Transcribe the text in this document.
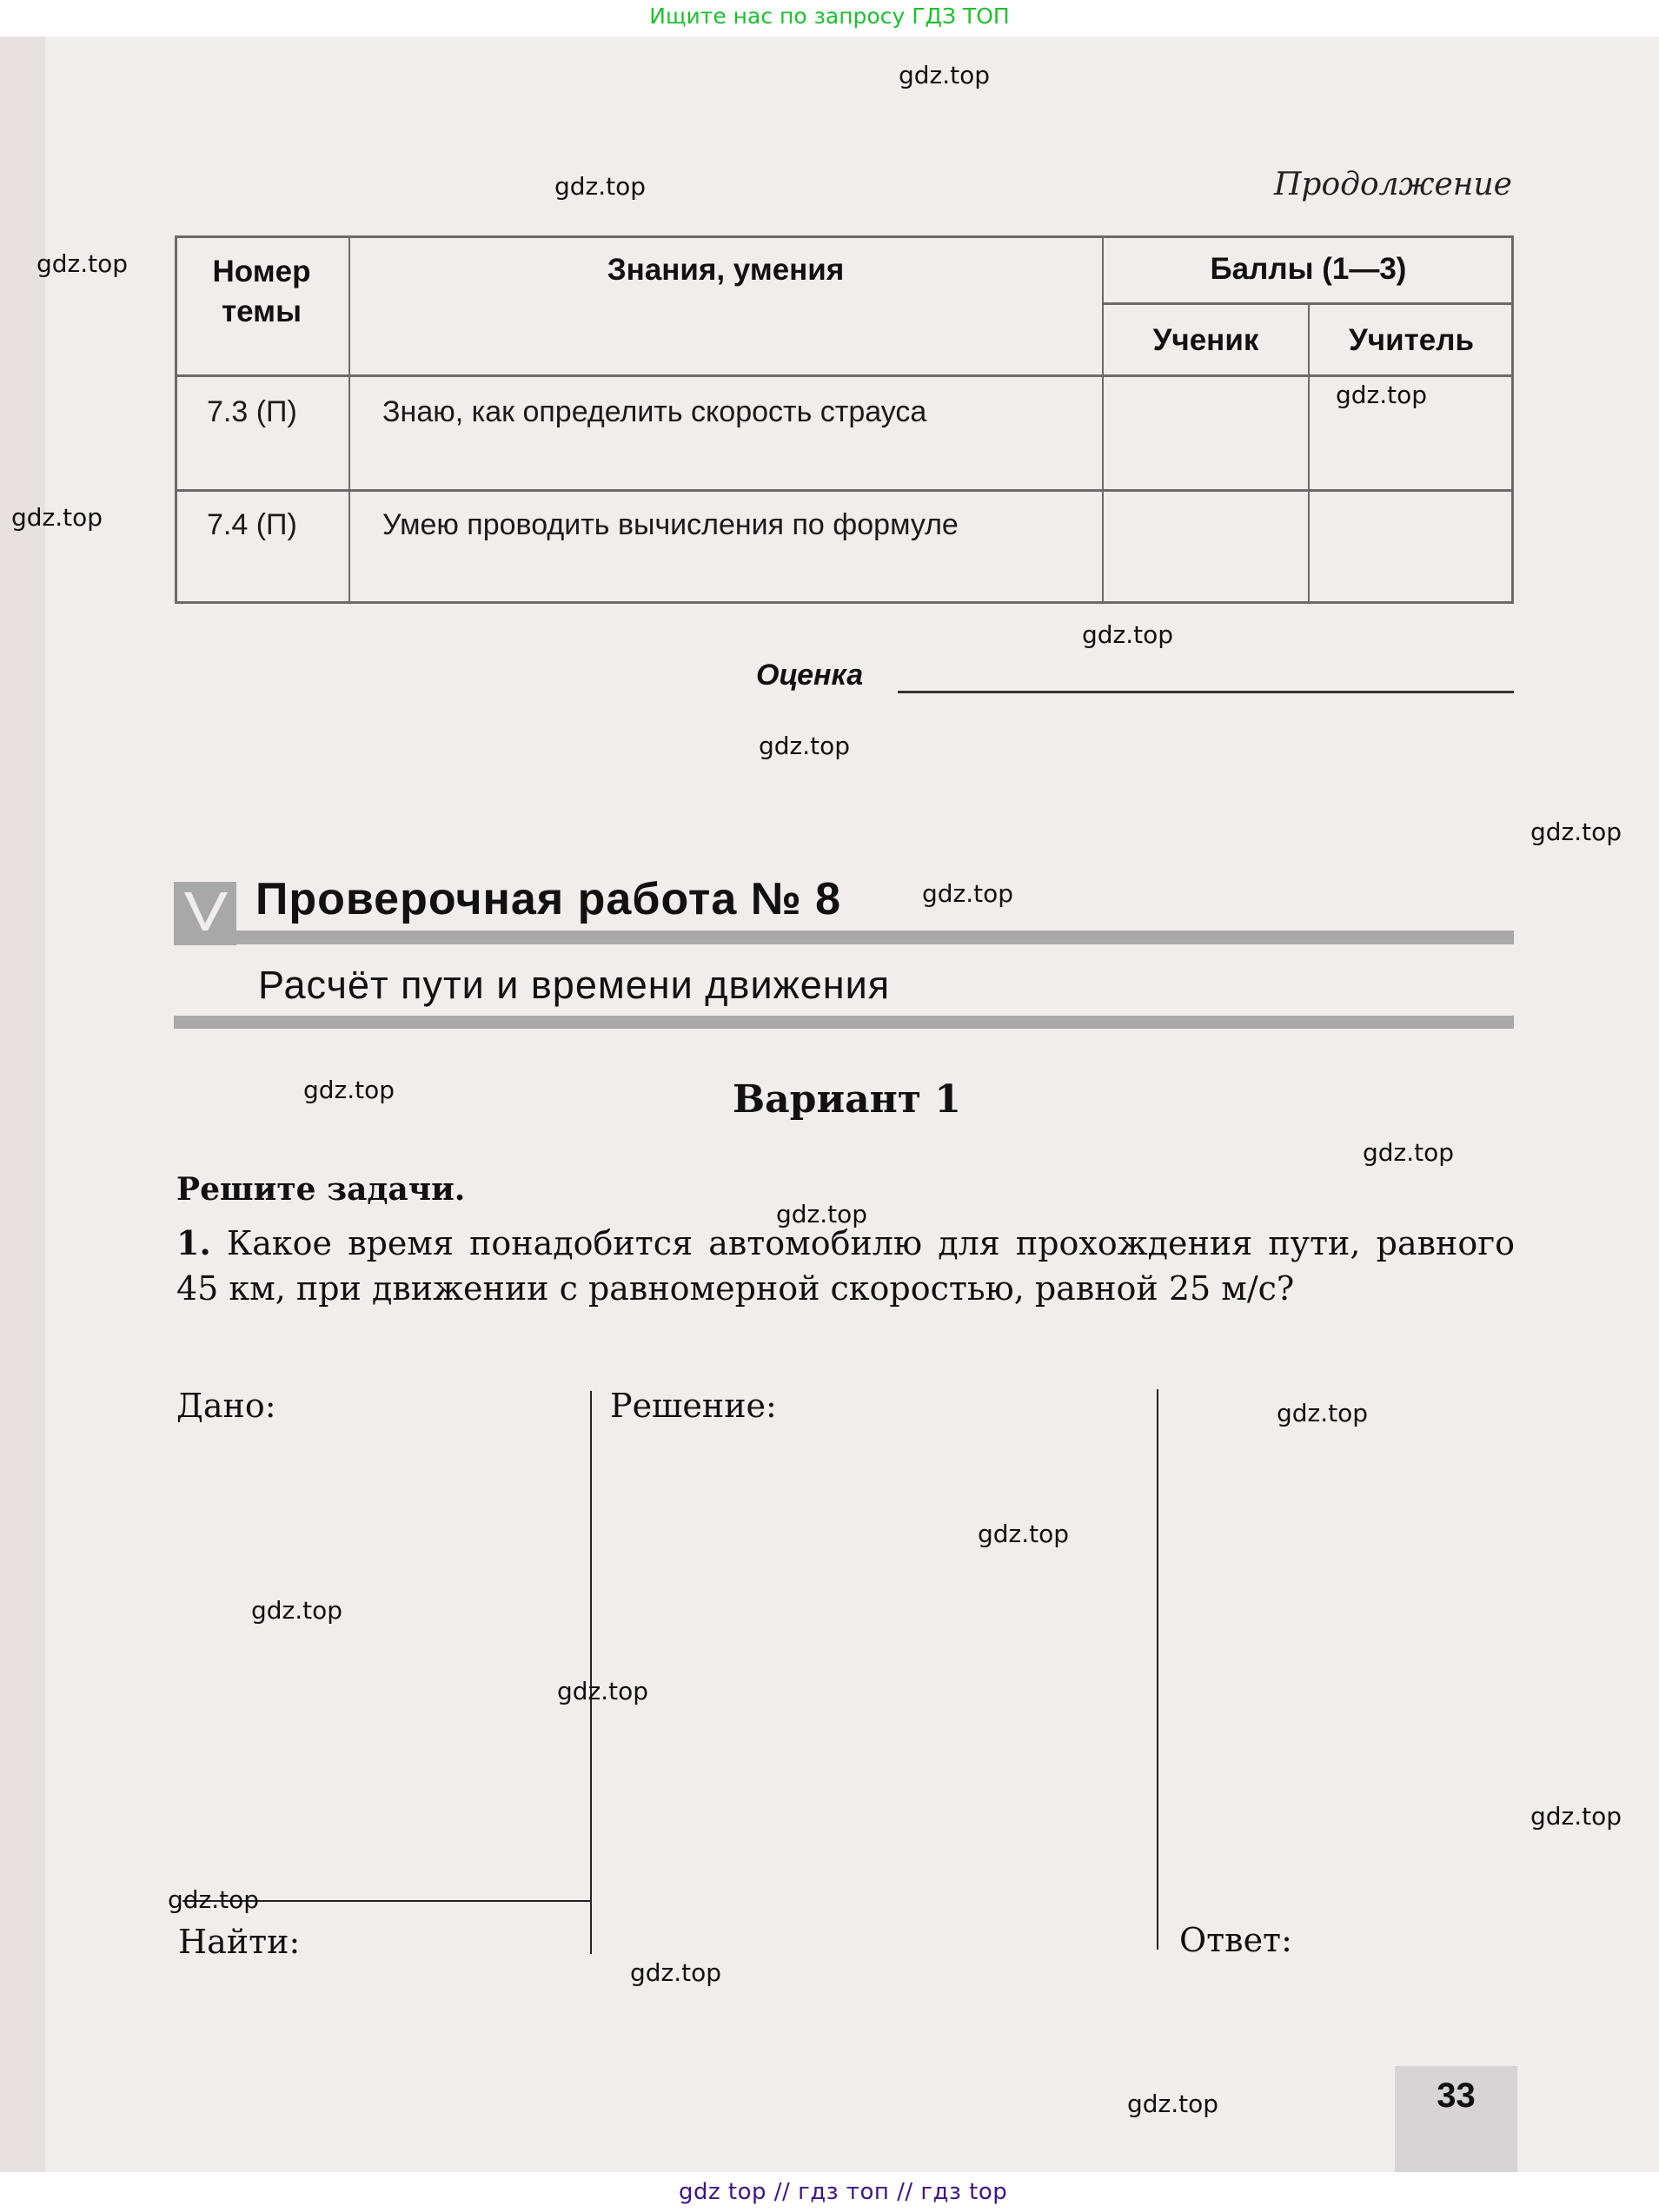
Ищите нас по запросу ГДЗ ТОП
Продолжение
Номер
темы
Знания, умения	Баллы (1—3)
Ученик	Учитель
7.3 (П)	Знаю, как определить скорость страуса
7.4 (П)	Умею проводить вычисления по формуле
Оценка
Проверочная работа № 8
Расчёт пути и времени движения
Вариант 1
Решите задачи.
1. Какое время понадобится автомобилю для прохождения пути, равного 45 км, при движении с равномерной скоростью, равной 25 м/с?
Дано:	Решение:
Найти:	Ответ:
33
gdz.top
gdz.top
gdz.top
gdz.top
gdz.top
gdz.top
gdz.top
gdz.top
gdz.top
gdz.top
gdz.top
gdz.top
gdz.top
gdz.top
gdz.top
gdz.top
gdz.top
gdz.top
gdz.top
gdz.top
gdz top // гдз топ // гдз top
